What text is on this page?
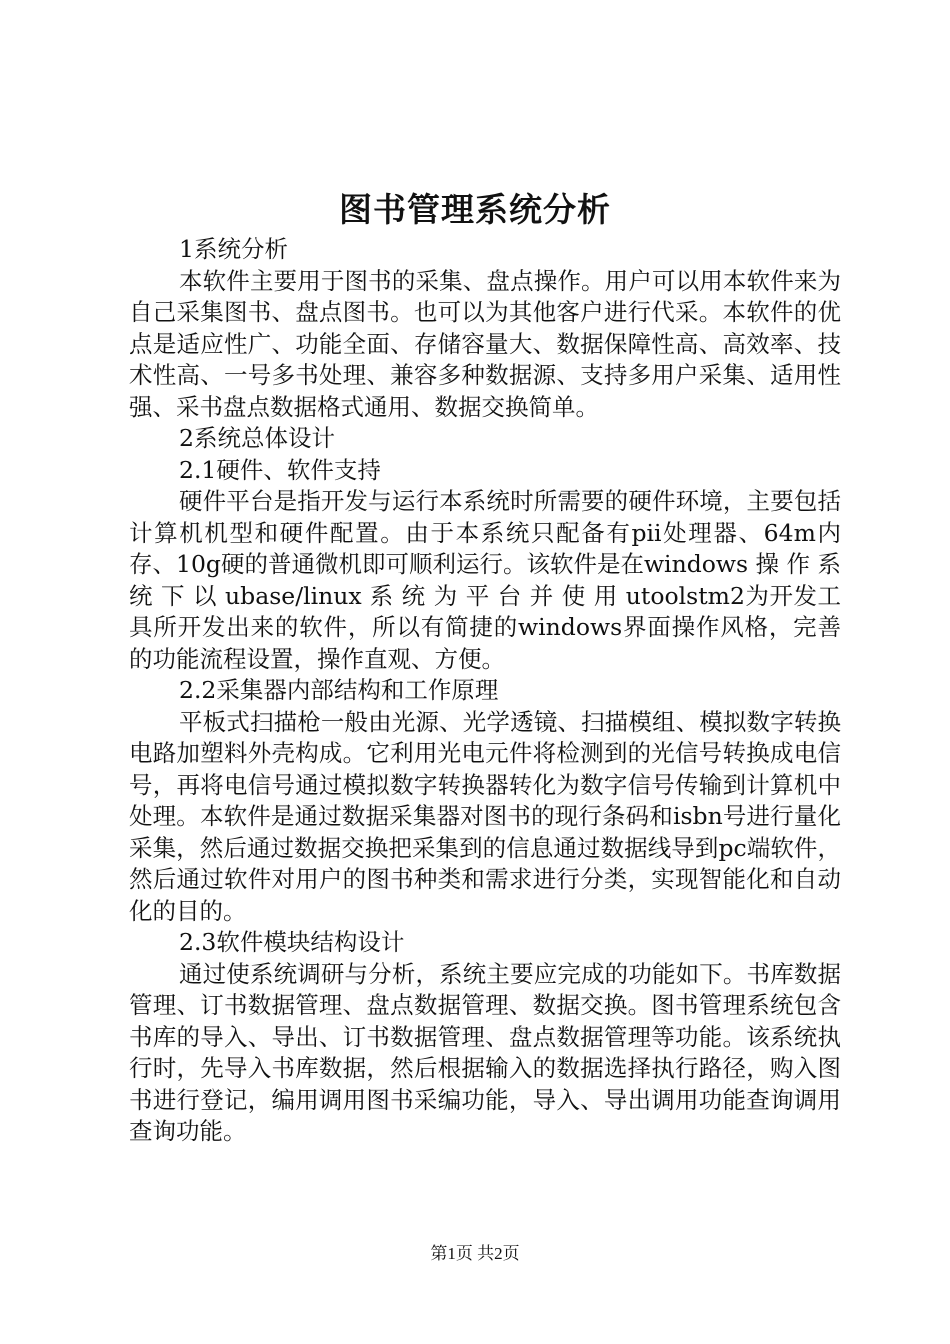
图书管理系统分析

1系统分析

本软件主要用于图书的采集、盘点操作。用户可以用本软件来为自己采集图书、盘点图书。也可以为其他客户进行代采。本软件的优点是适应性广、功能全面、存储容量大、数据保障性高、高效率、技术性高、一号多书处理、兼容多种数据源、支持多用户采集、适用性强、采书盘点数据格式通用、数据交换简单。

2系统总体设计

2.1硬件、软件支持

硬件平台是指开发与运行本系统时所需要的硬件环境，主要包括计算机机型和硬件配置。由于本系统只配备有pii处理器、64m内存、10g硬的普通微机即可顺利运行。该软件是在windows 操 作 系 统 下 以 ubase/linux 系 统 为 平 台 并 使 用 utoolstm2为开发工具所开发出来的软件，所以有简捷的windows界面操作风格，完善的功能流程设置，操作直观、方便。

2.2采集器内部结构和工作原理

平板式扫描枪一般由光源、光学透镜、扫描模组、模拟数字转换电路加塑料外壳构成。它利用光电元件将检测到的光信号转换成电信号，再将电信号通过模拟数字转换器转化为数字信号传输到计算机中处理。本软件是通过数据采集器对图书的现行条码和isbn号进行量化采集，然后通过数据交换把采集到的信息通过数据线导到pc端软件，然后通过软件对用户的图书种类和需求进行分类，实现智能化和自动化的目的。

2.3软件模块结构设计

通过使系统调研与分析，系统主要应完成的功能如下。书库数据管理、订书数据管理、盘点数据管理、数据交换。图书管理系统包含书库的导入、导出、订书数据管理、盘点数据管理等功能。该系统执行时，先导入书库数据，然后根据输入的数据选择执行路径，购入图书进行登记，编用调用图书采编功能，导入、导出调用功能查询调用查询功能。

第1页 共2页
